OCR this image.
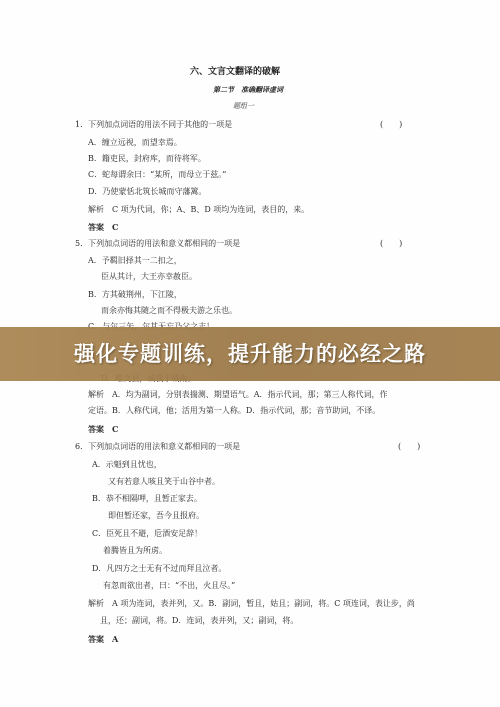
六、文言文翻译的破解
第二节　准确翻译虚词
题组一
1．下列加点词语的用法不同于其他的一项是	(　　)
A．缠立远视，而望幸焉。
B．籍吏民，封府库，而待将军。
C．蛇每谓余曰：“某所，而母立于兹。”
D．乃使蒙恬北筑长城而守藩篱。
解析　C 项为代词，你；A、B、D 项均为连词，表目的，来。
答案　C
5．下列加点词语的用法和意义都相同的一项是	(　　)
A．予羁旧择其一二扣之，
臣从其计，大王亦幸赦臣。
B．方其破荆州，下江陵，
而余亦悔其随之而不得极夫游之乐也。
解析　A．均为副词，分别表揣测、期望语气。A．指示代词，那；第三人称代词，作
定语。B．人称代词，他；活用为第一人称。D．指示代词，那；音节助词，不译。
答案　C
6．下列加点词语的用法和意义都相同的一项是	(　　)
A．示魁到且忧也，
又有若意人咳且笑于山谷中者。
B．恭不相隔呷，且暂正家去。
即但暂还家，吾今且报府。
C．臣死且不避，卮酒安足辞！
着腾皆且为所虏。
D．凡四方之士无有不过而拜且泣者。
有忽而欲出者，曰：“不出，火且尽。”
解析　A 项为连词，表并列，又。B．副词，暂且，姑且；副词，将。C 项连词，表让步，尚
且，还；副词，将。D．连词，表并列，又；副词，将。
答案　A
强化专题训练，提升能力的必经之路
